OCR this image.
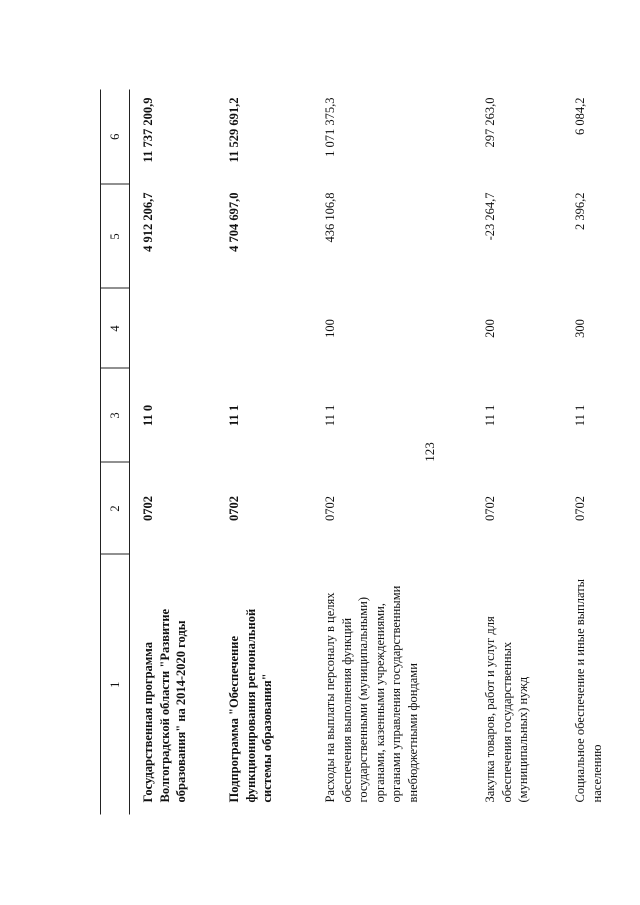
123
1	2	3	4	5	6
Государственная программа Волгоградской области "Развитие образования" на 2014-2020 годы	0702	11 0		4 912 206,7	11 737 200,9
Подпрограмма "Обеспечение функционирования региональной системы образования"	0702	11 1		4 704 697,0	11 529 691,2
Расходы на выплаты персоналу в целях обеспечения выполнения функций государственными (муниципальными) органами, казенными учреждениями, органами управления государственными внебюджетными фондами	0702	11 1	100	436 106,8	1 071 375,3
Закупка товаров, работ и услуг для обеспечения государственных (муниципальных) нужд	0702	11 1	200	-23 264,7	297 263,0
Социальное обеспечение и иные выплаты населению	0702	11 1	300	2 396,2	6 084,2
